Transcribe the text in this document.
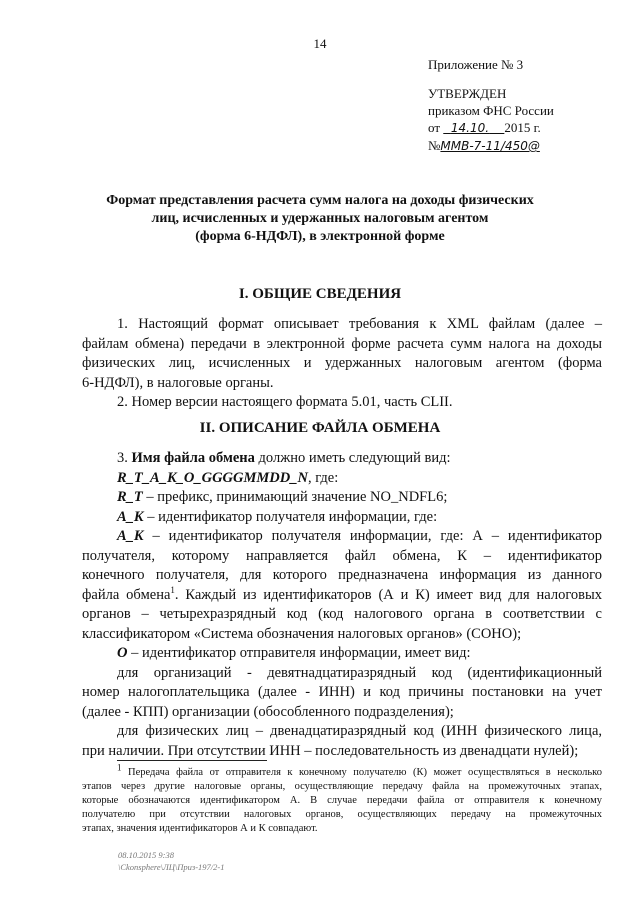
14
Приложение № 3
УТВЕРЖДЕН
приказом ФНС России
от 14.10. 2015 г.
№ММВ-7-11/450@
Формат представления расчета сумм налога на доходы физических
лиц, исчисленных и удержанных налоговым агентом
(форма 6-НДФЛ), в электронной форме
I. ОБЩИЕ СВЕДЕНИЯ
1. Настоящий формат описывает требования к XML файлам (далее –
файлам обмена) передачи в электронной форме расчета сумм налога на доходы
физических лиц, исчисленных и удержанных налоговым агентом (форма
6-НДФЛ), в налоговые органы.
2. Номер версии настоящего формата 5.01, часть CLII.
II. ОПИСАНИЕ ФАЙЛА ОБМЕНА
3. Имя файла обмена должно иметь следующий вид:
R_T_A_K_O_GGGGMMDD_N, где:
R_T – префикс, принимающий значение NO_NDFL6;
A_K – идентификатор получателя информации, где:
A_K – идентификатор получателя информации, где: А – идентификатор
получателя, которому направляется файл обмена, К – идентификатор
конечного получателя, для которого предназначена информация из данного
файла обмена$^1$. Каждый из идентификаторов (А и К) имеет вид для налоговых
органов – четырехразрядный код (код налогового органа в соответствии с
классификатором «Система обозначения налоговых органов» (СОНО);
O – идентификатор отправителя информации, имеет вид:
для организаций - девятнадцатиразрядный код (идентификационный
номер налогоплательщика (далее - ИНН) и код причины постановки на учет
(далее - КПП) организации (обособленного подразделения);
для физических лиц – двенадцатиразрядный код (ИНН физического лица,
при наличии. При отсутствии ИНН – последовательность из двенадцати нулей);
$^1$ Передача файла от отправителя к конечному получателю (К) может осуществляться в несколько
этапов через другие налоговые органы, осуществляющие передачу файла на промежуточных этапах,
которые обозначаются идентификатором А. В случае передачи файла от отправителя к конечному
получателю при отсутствии налоговых органов, осуществляющих передачу на промежуточных
этапах, значения идентификаторов А и К совпадают.
08.10.2015 9:38
\Ckonsphere\ЛЦ\Приз-197/2-1
